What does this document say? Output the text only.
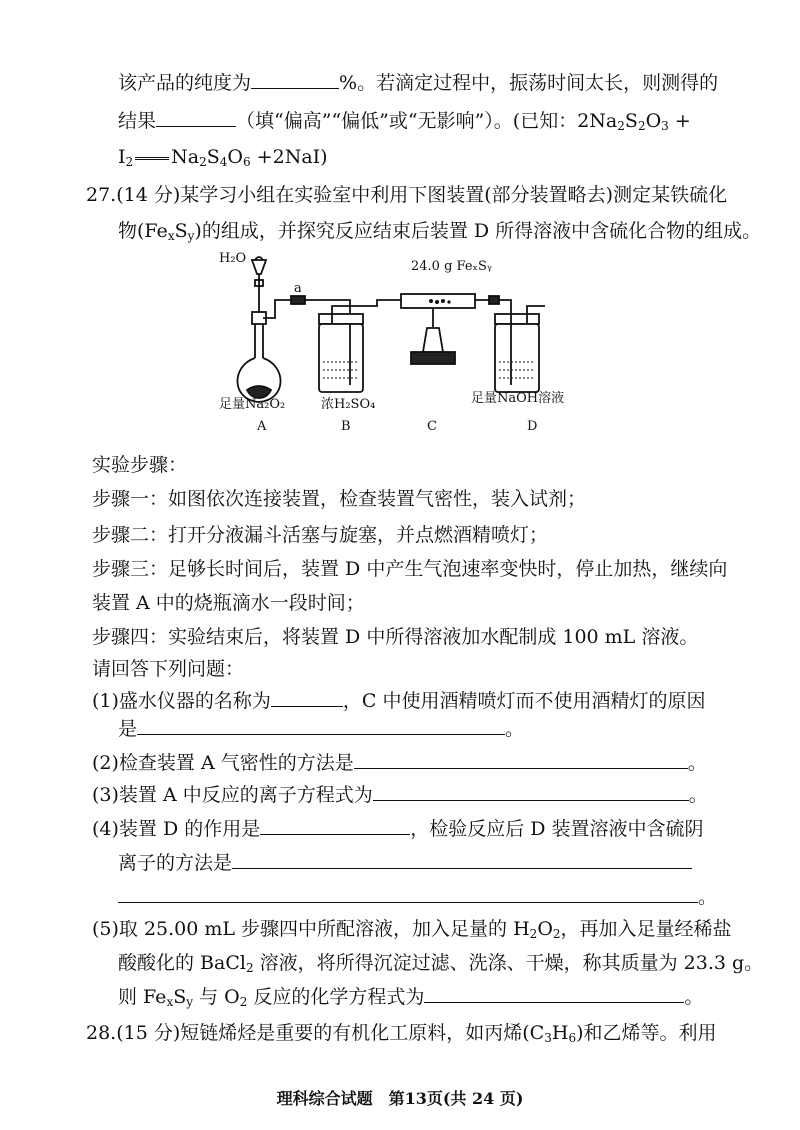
该产品的纯度为	%。若滴定过程中，振荡时间太长，则测得的
结果	（填“偏高”“偏低”或“无影响”）。(已知：$2Na_2S_2O_3$ +
$I_2$ $Na_2S_4O_6 +2NaI$)
27.(14 分)某学习小组在实验室中利用下图装置(部分装置略去)测定某铁硫化
物$(Fe_xS_y)$的组成，并探究反应结束后装置 D 所得溶液中含硫化合物的组成。
H₂O
a
24.0 g FeₓSᵧ
足量Na₂O₂	浓H₂SO₄	足量NaOH溶液
A	B	C	D
实验步骤：
步骤一：如图依次连接装置，检查装置气密性，装入试剂；
步骤二：打开分液漏斗活塞与旋塞，并点燃酒精喷灯；
步骤三：足够长时间后，装置 D 中产生气泡速率变快时，停止加热，继续向
装置 A 中的烧瓶滴水一段时间；
步骤四：实验结束后，将装置 D 中所得溶液加水配制成 100 mL 溶液。
请回答下列问题：
(1)盛水仪器的名称为	，C 中使用酒精喷灯而不使用酒精灯的原因
是	。
(2)检查装置 A 气密性的方法是	。
(3)装置 A 中反应的离子方程式为	。
(4)装置 D 的作用是	，检验反应后 D 装置溶液中含硫阴
离子的方法是
。
(5)取 25.00 mL 步骤四中所配溶液，加入足量的 $H_2O_2$，再加入足量经稀盐
酸酸化的 BaCl$_2$ 溶液，将所得沉淀过滤、洗涤、干燥，称其质量为 23.3 g。
则 $Fe_xS_y$ 与 $O_2$ 反应的化学方程式为	。
28.(15 分)短链烯烃是重要的有机化工原料，如丙烯$(C_3H_6)$和乙烯等。利用
理科综合试题　第13页(共 24 页)
